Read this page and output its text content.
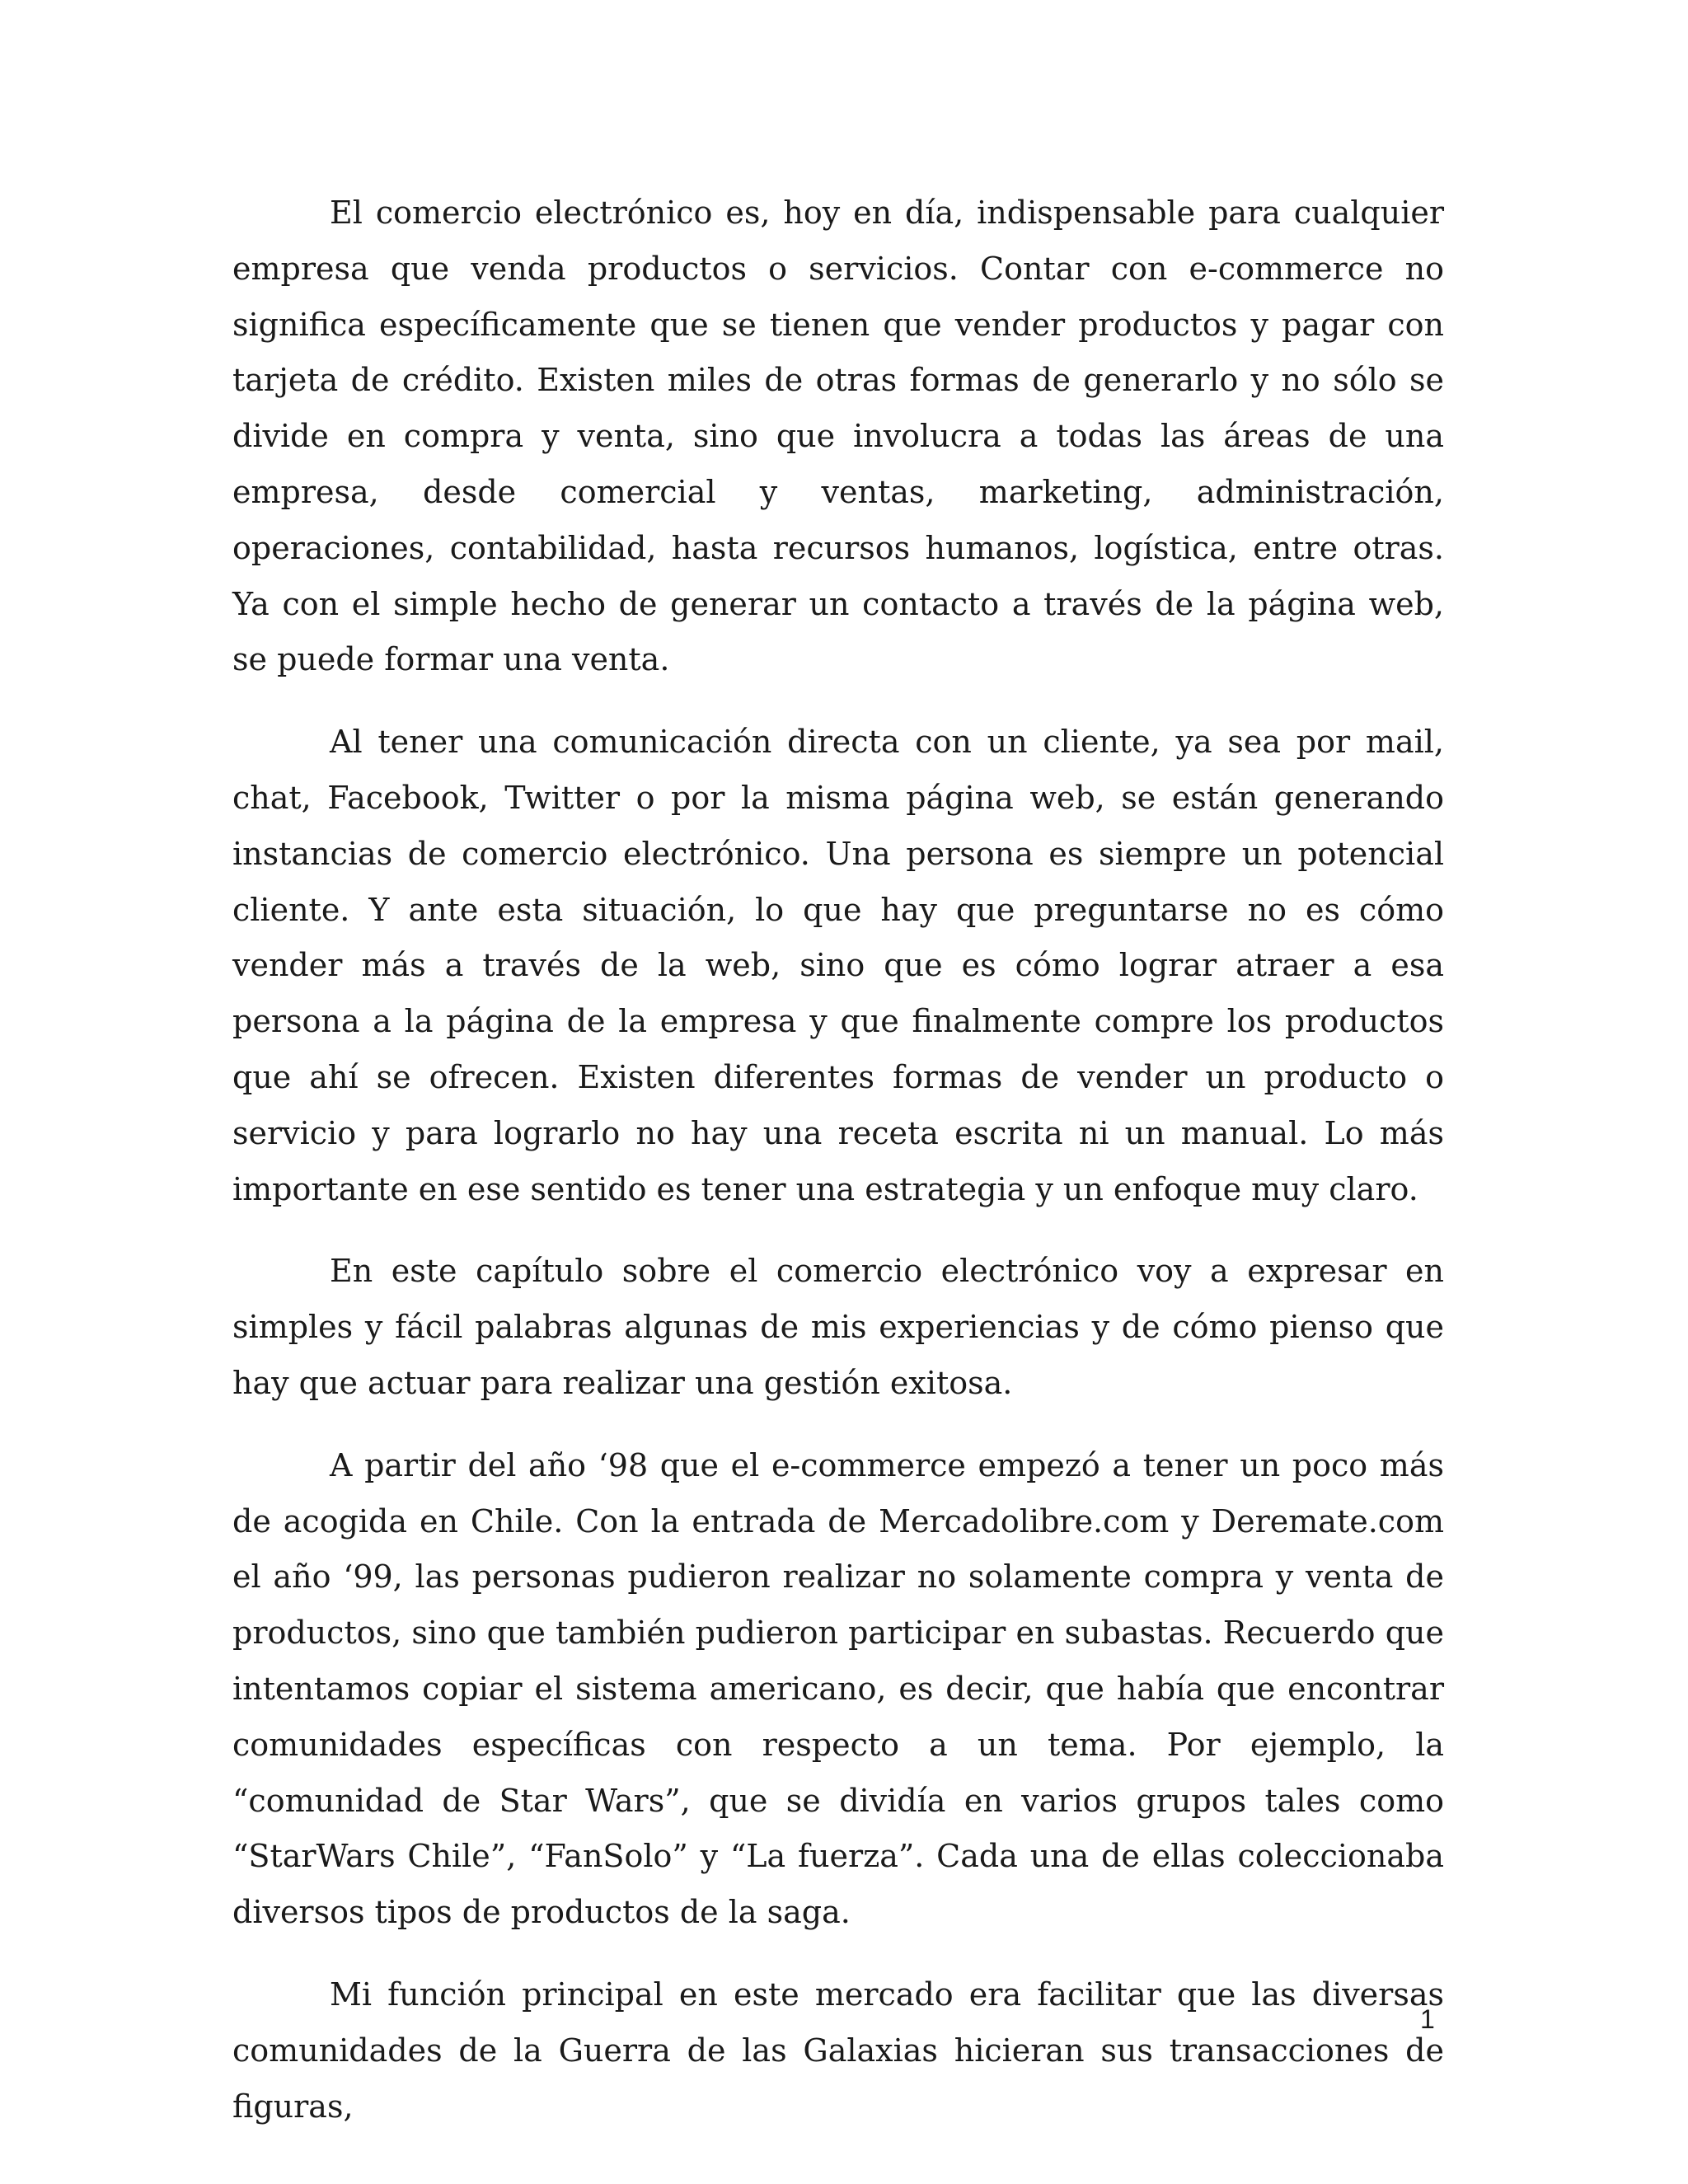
El comercio electrónico es, hoy en día, indispensable para cualquier empresa que venda productos o servicios. Contar con e-commerce no significa específicamente que se tienen que vender productos y pagar con tarjeta de crédito. Existen miles de otras formas de generarlo y no sólo se divide en compra y venta, sino que involucra a todas las áreas de una empresa, desde comercial y ventas, marketing, administración, operaciones, contabilidad, hasta recursos humanos, logística, entre otras. Ya con el simple hecho de generar un contacto a través de la página web, se puede formar una venta.

Al tener una comunicación directa con un cliente, ya sea por mail, chat, Facebook, Twitter o por la misma página web, se están generando instancias de comercio electrónico. Una persona es siempre un potencial cliente. Y ante esta situación, lo que hay que preguntarse no es cómo vender más a través de la web, sino que es cómo lograr atraer a esa persona a la página de la empresa y que finalmente compre los productos que ahí se ofrecen. Existen diferentes formas de vender un producto o servicio y para lograrlo no hay una receta escrita ni un manual. Lo más importante en ese sentido es tener una estrategia y un enfoque muy claro.

En este capítulo sobre el comercio electrónico voy a expresar en simples y fácil palabras algunas de mis experiencias y de cómo pienso que hay que actuar para realizar una gestión exitosa.

A partir del año ‘98 que el e-commerce empezó a tener un poco más de acogida en Chile. Con la entrada de Mercadolibre.com y Deremate.com el año ‘99, las personas pudieron realizar no solamente compra y venta de productos, sino que también pudieron participar en subastas. Recuerdo que intentamos copiar el sistema americano, es decir, que había que encontrar comunidades específicas con respecto a un tema. Por ejemplo, la “comunidad de Star Wars”, que se dividía en varios grupos tales como “StarWars Chile”, “FanSolo” y “La fuerza”. Cada una de ellas coleccionaba diversos tipos de productos de la saga.

Mi función principal en este mercado era facilitar que las diversas comunidades de la Guerra de las Galaxias hicieran sus transacciones de figuras,

1
